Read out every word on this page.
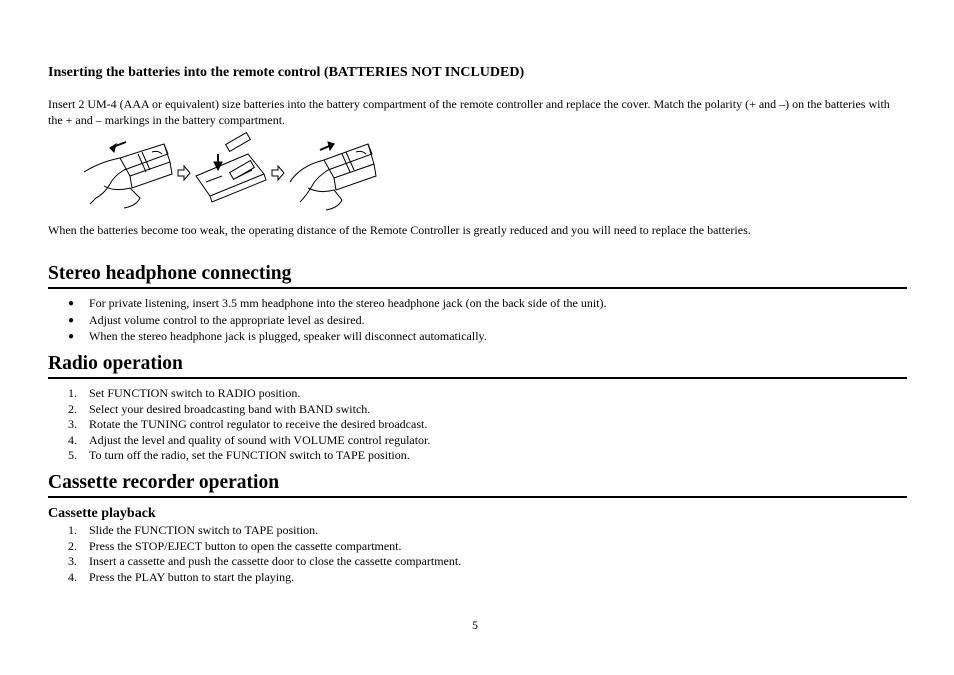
Inserting the batteries into the remote control (BATTERIES NOT INCLUDED)

Insert 2 UM-4 (AAA or equivalent) size batteries into the battery compartment of the remote controller and replace the cover. Match the polarity (+ and –) on the batteries with the + and – markings in the battery compartment.

When the batteries become too weak, the operating distance of the Remote Controller is greatly reduced and you will need to replace the batteries.

Stereo headphone connecting
● For private listening, insert 3.5 mm headphone into the stereo headphone jack (on the back side of the unit).
● Adjust volume control to the appropriate level as desired.
● When the stereo headphone jack is plugged, speaker will disconnect automatically.
Radio operation
1. Set FUNCTION switch to RADIO position.
2. Select your desired broadcasting band with BAND switch.
3. Rotate the TUNING control regulator to receive the desired broadcast.
4. Adjust the level and quality of sound with VOLUME control regulator.
5. To turn off the radio, set the FUNCTION switch to TAPE position.
Cassette recorder operation
Cassette playback
1. Slide the FUNCTION switch to TAPE position.
2. Press the STOP/EJECT button to open the cassette compartment.
3. Insert a cassette and push the cassette door to close the cassette compartment.
4. Press the PLAY button to start the playing.
5
